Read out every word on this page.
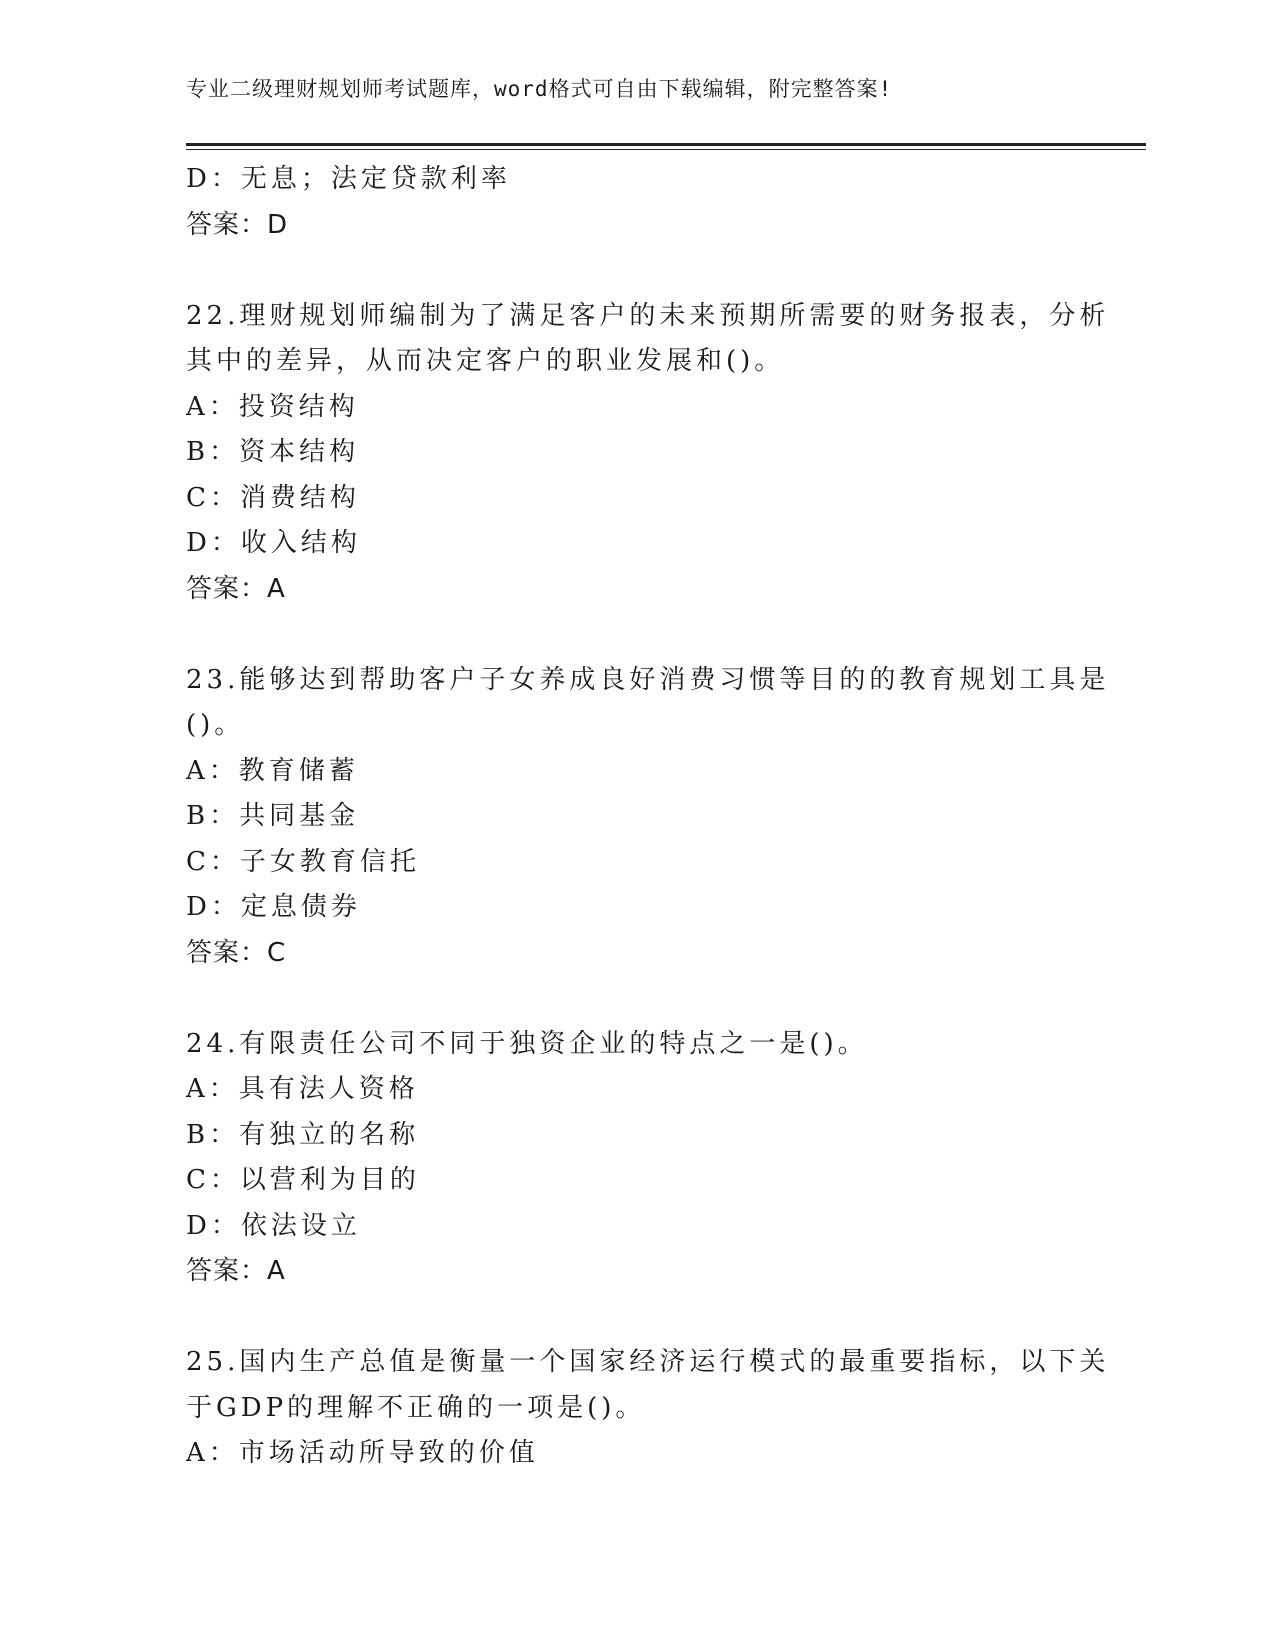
专业二级理财规划师考试题库，word格式可自由下载编辑，附完整答案!
D：无息；法定贷款利率
答案：D
22.理财规划师编制为了满足客户的未来预期所需要的财务报表，分析
其中的差异，从而决定客户的职业发展和()。
A：投资结构
B：资本结构
C：消费结构
D：收入结构
答案：A
23.能够达到帮助客户子女养成良好消费习惯等目的的教育规划工具是
()。
A：教育储蓄
B：共同基金
C：子女教育信托
D：定息债券
答案：C
24.有限责任公司不同于独资企业的特点之一是()。
A：具有法人资格
B：有独立的名称
C：以营利为目的
D：依法设立
答案：A
25.国内生产总值是衡量一个国家经济运行模式的最重要指标，以下关
于GDP的理解不正确的一项是()。
A：市场活动所导致的价值
